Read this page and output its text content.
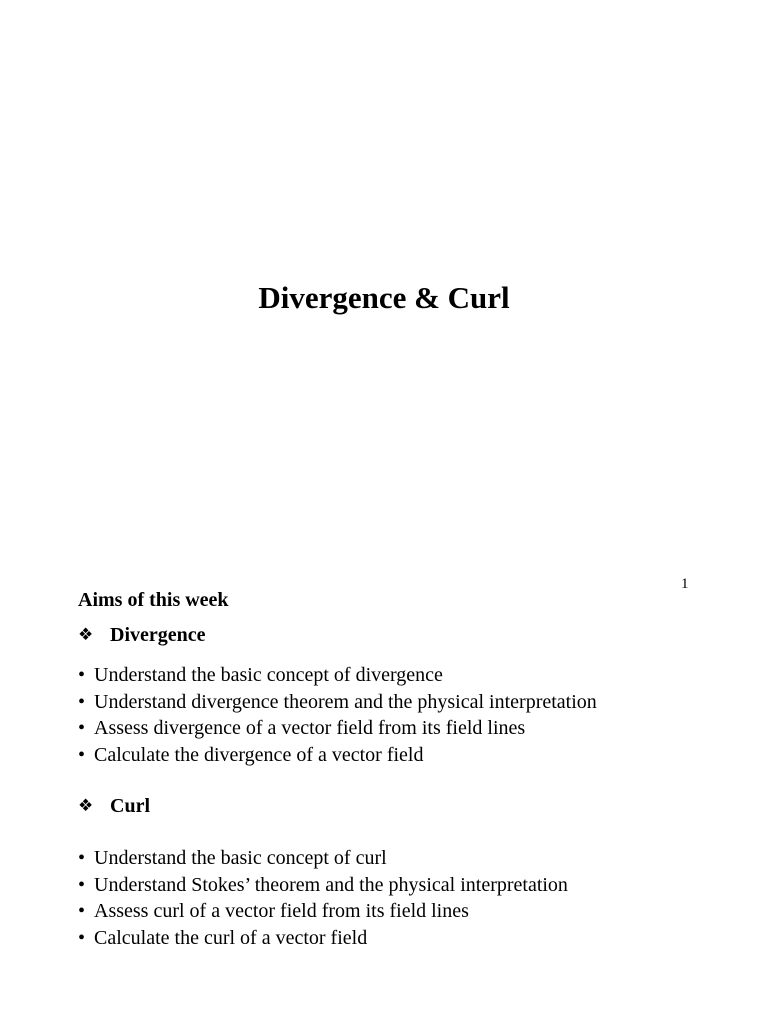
Divergence & Curl
1
Aims of this week
❖ Divergence
• Understand the basic concept of divergence
• Understand divergence theorem and the physical interpretation
• Assess divergence of a vector field from its field lines
• Calculate the divergence of a vector field
❖ Curl
• Understand the basic concept of curl
• Understand Stokes’ theorem and the physical interpretation
• Assess curl of a vector field from its field lines
• Calculate the curl of a vector field
